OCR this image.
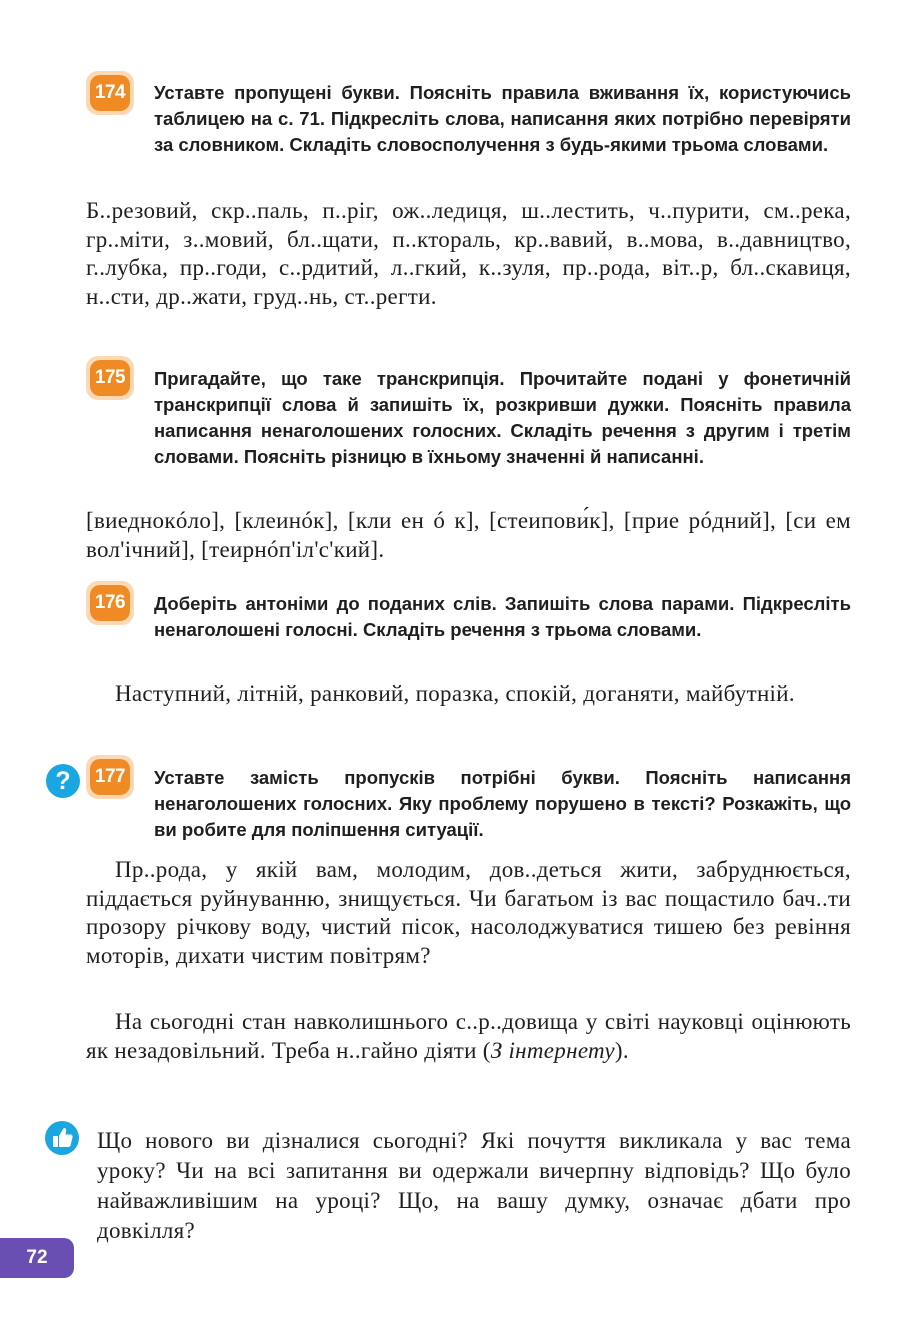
174 Уставте пропущені букви. Поясніть правила вживання їх, користуючись таблицею на с. 71. Підкресліть слова, написання яких потрібно перевіряти за словником. Складіть словосполучення з будь-якими трьома словами.
Б..резовий, скр..паль, п..ріг, ож..ледиця, ш..лестить, ч..пурити, см..река, гр..міти, з..мовий, бл..щати, п..ктораль, кр..вавий, в..мова, в..давництво, г..лубка, пр..годи, с..рдитий, л..гкий, к..зуля, пр..рода, віт..р, бл..скавиця, н..сти, др..жати, груд..нь, ст..регти.
175 Пригадайте, що таке транскрипція. Прочитайте подані у фонетичній транскрипції слова й запишіть їх, розкривши дужки. Поясніть правила написання ненаголошених голосних. Складіть речення з другим і третім словами. Поясніть різницю в їхньому значенні й написанні.
[виеднокóло], [клеинóк], [кли ен ó к], [стеипови́к], [прие рóдний], [си ем вол'ічний], [теирнóп'іл'с'кий].
176 Доберіть антоніми до поданих слів. Запишіть слова парами. Підкресліть ненаголошені голосні. Складіть речення з трьома словами.
Наступний, літній, ранковий, поразка, спокій, доганяти, майбутній.
?	177 Уставте замість пропусків потрібні букви. Поясніть написання ненаголошених голосних. Яку проблему порушено в тексті? Розкажіть, що ви робите для поліпшення ситуації.
Пр..рода, у якій вам, молодим, дов..деться жити, забруднюється, піддається руйнуванню, знищується. Чи багатьом із вас пощастило бач..ти прозору річкову воду, чистий пісок, насолоджуватися тишею без ревіння моторів, дихати чистим повітрям?
На сьогодні стан навколишнього с..р..довища у світі науковці оцінюють як незадовільний. Треба н..гайно діяти (З інтернету).
Що нового ви дізналися сьогодні? Які почуття викликала у вас тема уроку? Чи на всі запитання ви одержали вичерпну відповідь? Що було найважливішим на уроці? Що, на вашу думку, означає дбати про довкілля?
72
